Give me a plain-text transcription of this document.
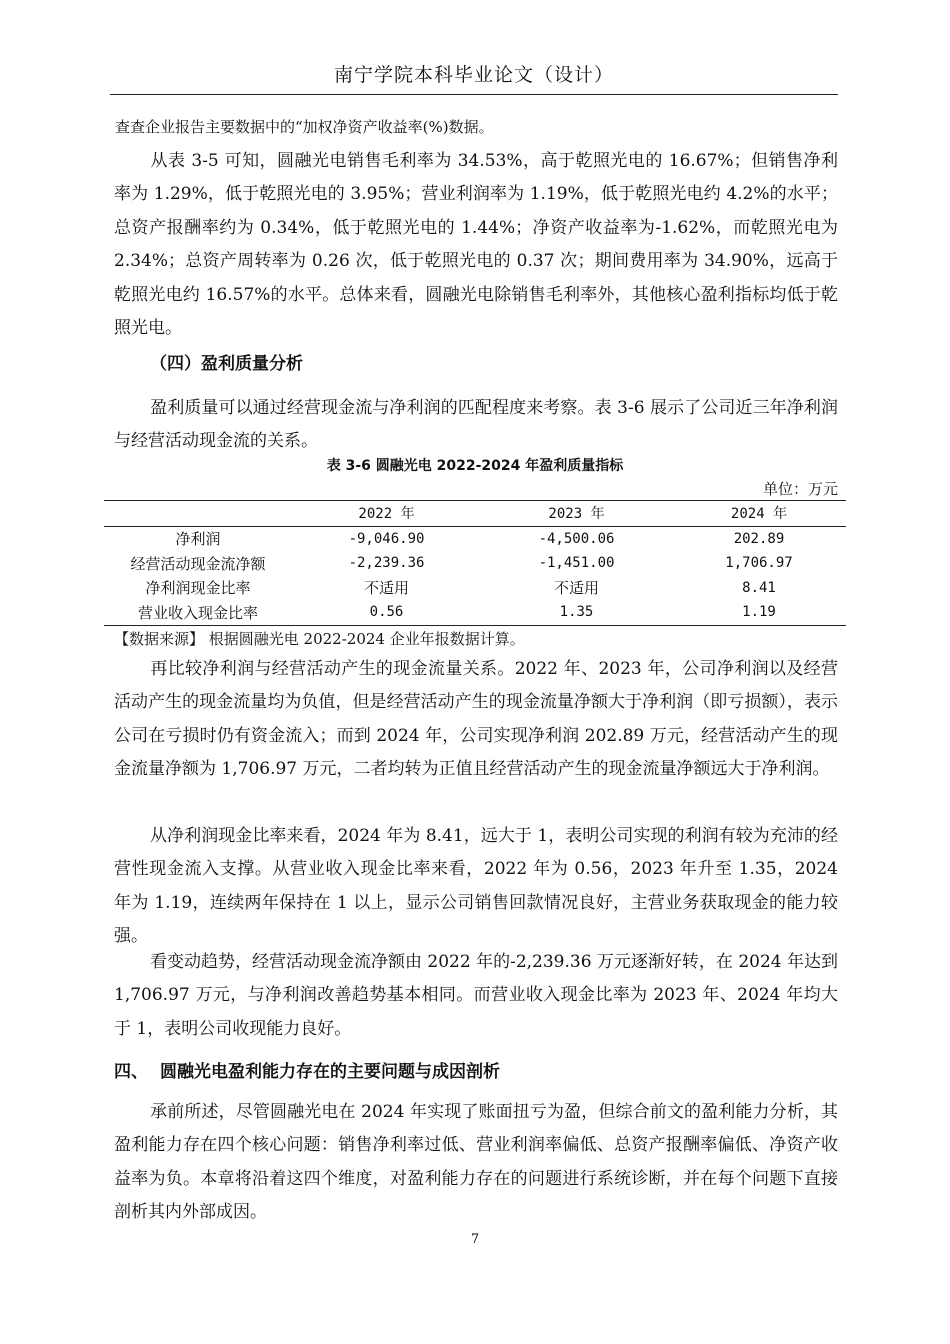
南宁学院本科毕业论文（设计）
查查企业报告主要数据中的“加权净资产收益率(%)数据。
从表 3-5 可知，圆融光电销售毛利率为 34.53%，高于乾照光电的 16.67%；但销售净利率为 1.29%，低于乾照光电的 3.95%；营业利润率为 1.19%，低于乾照光电约 4.2%的水平；总资产报酬率约为 0.34%，低于乾照光电的 1.44%；净资产收益率为-1.62%，而乾照光电为 2.34%；总资产周转率为 0.26 次，低于乾照光电的 0.37 次；期间费用率为 34.90%，远高于乾照光电约 16.57%的水平。总体来看，圆融光电除销售毛利率外，其他核心盈利指标均低于乾照光电。
（四）盈利质量分析
盈利质量可以通过经营现金流与净利润的匹配程度来考察。表 3-6 展示了公司近三年净利润与经营活动现金流的关系。
表 3-6 圆融光电 2022-2024 年盈利质量指标
单位：万元
	2022 年	2023 年	2024 年
净利润	-9,046.90	-4,500.06	202.89
经营活动现金流净额	-2,239.36	-1,451.00	1,706.97
净利润现金比率	不适用	不适用	8.41
营业收入现金比率	0.56	1.35	1.19
【数据来源】 根据圆融光电 2022-2024 企业年报数据计算。
再比较净利润与经营活动产生的现金流量关系。2022 年、2023 年，公司净利润以及经营活动产生的现金流量均为负值，但是经营活动产生的现金流量净额大于净利润（即亏损额），表示公司在亏损时仍有资金流入；而到 2024 年，公司实现净利润 202.89 万元，经营活动产生的现金流量净额为 1,706.97 万元，二者均转为正值且经营活动产生的现金流量净额远大于净利润。
从净利润现金比率来看，2024 年为 8.41，远大于 1，表明公司实现的利润有较为充沛的经营性现金流入支撑。从营业收入现金比率来看，2022 年为 0.56，2023 年升至 1.35，2024 年为 1.19，连续两年保持在 1 以上，显示公司销售回款情况良好，主营业务获取现金的能力较强。
看变动趋势，经营活动现金流净额由 2022 年的-2,239.36 万元逐渐好转，在 2024 年达到 1,706.97 万元，与净利润改善趋势基本相同。而营业收入现金比率为 2023 年、2024 年均大于 1，表明公司收现能力良好。
四、 圆融光电盈利能力存在的主要问题与成因剖析
承前所述，尽管圆融光电在 2024 年实现了账面扭亏为盈，但综合前文的盈利能力分析，其盈利能力存在四个核心问题：销售净利率过低、营业利润率偏低、总资产报酬率偏低、净资产收益率为负。本章将沿着这四个维度，对盈利能力存在的问题进行系统诊断，并在每个问题下直接剖析其内外部成因。
7
